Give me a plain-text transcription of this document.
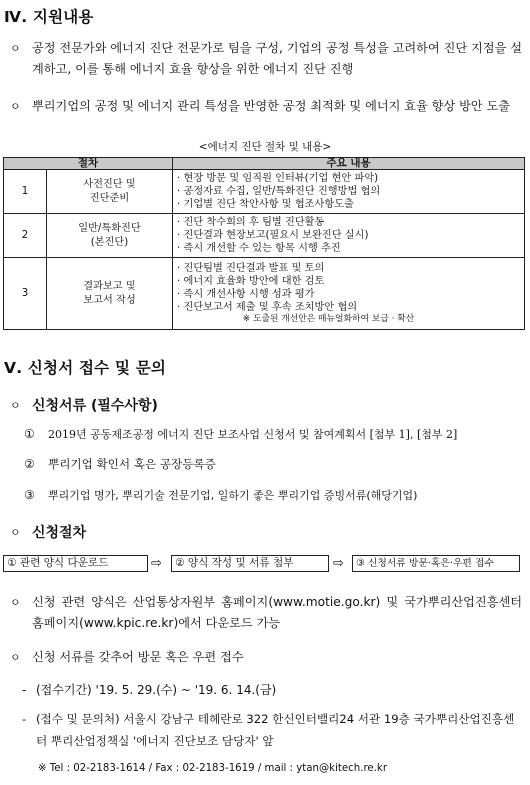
Ⅳ. 지원내용
ㅇ 공정 전문가와 에너지 진단 전문가로 팀을 구성, 기업의 공정 특성을 고려하여 진단 지점을 설계하고, 이를 통해 에너지 효율 향상을 위한 에너지 진단 진행
ㅇ 뿌리기업의 공정 및 에너지 관리 특성을 반영한 공정 최적화 및 에너지 효율 향상 방안 도출
<에너지 진단 절차 및 내용>
절차		주요 내용
1	사전진단 및
진단준비	· 현장 방문 및 임직원 인터뷰(기업 현안 파악)
· 공정자료 수집, 일반/특화진단 진행방법 협의
· 기업별 진단 착안사항 및 협조사항도출

2	일반/특화진단
(본진단)	· 진단 착수회의 후 팀별 진단활동
· 진단결과 현장보고(필요시 보완진단 실시)
· 즉시 개선할 수 있는 항목 시행 추진

3	결과보고 및
보고서 작성	· 진단팀별 진단결과 발표 및 토의
· 에너지 효율화 방안에 대한 검토
· 즉시 개선사항 시행 성과 평가
· 진단보고서 제출 및 후속 조치방안 협의
※ 도출된 개선안은 매뉴얼화하여 보급 · 확산
Ⅴ. 신청서 접수 및 문의
ㅇ 신청서류 (필수사항)
① 2019년 공동제조공정 에너지 진단 보조사업 신청서 및 참여계획서 [첨부 1], [첨부 2]
② 뿌리기업 확인서 혹은 공장등록증
③ 뿌리기업 명가, 뿌리기술 전문기업, 일하기 좋은 뿌리기업 증빙서류(해당기업)
ㅇ 신청절차
① 관련 양식 다운로드	⇨	② 양식 작성 및 서류 첨부	⇨	③ 신청서류 방문·혹은·우편 접수
ㅇ 신청 관련 양식은 산업통상자원부 홈페이지(www.motie.go.kr) 및 국가뿌리산업진흥센터 홈페이지(www.kpic.re.kr)에서 다운로드 가능
ㅇ 신청 서류를 갖추어 방문 혹은 우편 접수
- (접수기간) '19. 5. 29.(수) ~ '19. 6. 14.(금)
- (접수 및 문의처) 서울시 강남구 테헤란로 322 한신인터밸리24 서관 19층 국가뿌리산업진흥센터 뿌리산업정책실 '에너지 진단보조 담당자' 앞
※ Tel : 02-2183-1614 / Fax : 02-2183-1619 / mail : ytan@kitech.re.kr
